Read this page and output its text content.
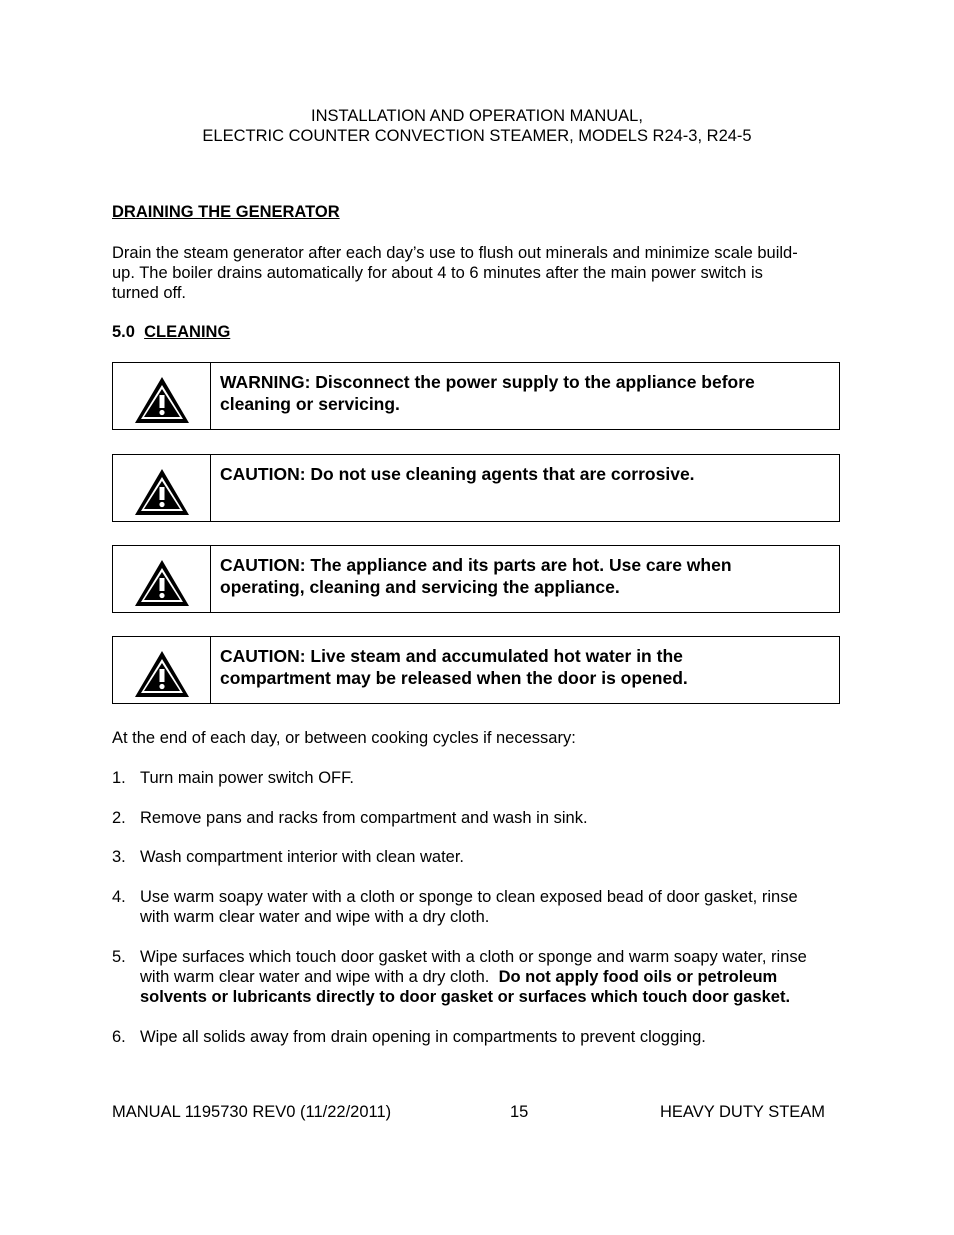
INSTALLATION AND OPERATION MANUAL,
ELECTRIC COUNTER CONVECTION STEAMER, MODELS R24-3, R24-5
DRAINING THE GENERATOR
Drain the steam generator after each day’s use to flush out minerals and minimize scale build-
up. The boiler drains automatically for about 4 to 6 minutes after the main power switch is
turned off.
5.0 CLEANING
WARNING: Disconnect the power supply to the appliance before
cleaning or servicing.
CAUTION: Do not use cleaning agents that are corrosive.
CAUTION: The appliance and its parts are hot. Use care when
operating, cleaning and servicing the appliance.
CAUTION: Live steam and accumulated hot water in the
compartment may be released when the door is opened.
At the end of each day, or between cooking cycles if necessary:
1. Turn main power switch OFF.
2. Remove pans and racks from compartment and wash in sink.
3. Wash compartment interior with clean water.
4. Use warm soapy water with a cloth or sponge to clean exposed bead of door gasket, rinse
with warm clear water and wipe with a dry cloth.
5. Wipe surfaces which touch door gasket with a cloth or sponge and warm soapy water, rinse
with warm clear water and wipe with a dry cloth. Do not apply food oils or petroleum
solvents or lubricants directly to door gasket or surfaces which touch door gasket.
6. Wipe all solids away from drain opening in compartments to prevent clogging.
MANUAL 1195730 REV0 (11/22/2011)	15	HEAVY DUTY STEAM
